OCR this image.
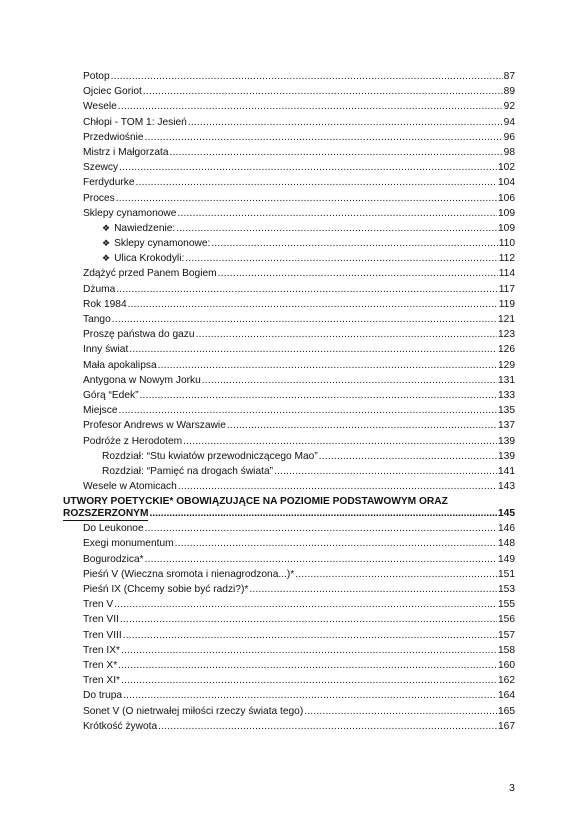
Potop .....	87
Ojciec Goriot .....	89
Wesele .....	92
Chłopi - TOM 1: Jesień .....	94
Przedwiośnie .....	96
Mistrz i Małgorzata .....	98
Szewcy .....	102
Ferdydurke .....	104
Proces .....	106
Sklepy cynamonowe .....	109
❖ Nawiedzenie: .....	109
❖ Sklepy cynamonowe: .....	110
❖ Ulica Krokodyli: .....	112
Zdążyć przed Panem Bogiem .....	114
Dżuma .....	117
Rok 1984 .....	119
Tango .....	121
Proszę państwa do gazu .....	123
Inny świat .....	126
Mała apokalipsa .....	129
Antygona w Nowym Jorku .....	131
Górą “Edek” .....	133
Miejsce .....	135
Profesor Andrews w Warszawie .....	137
Podróże z Herodotem .....	139
Rozdział: “Stu kwiatów przewodniczącego Mao” .....	139
Rozdział: “Pamięć na drogach świata” .....	141
Wesele w Atomicach .....	143
UTWORY POETYCKIE* OBOWIĄZUJĄCE NA POZIOMIE PODSTAWOWYM ORAZ
ROZSZERZONYM .....	145
Do Leukonoe .....	146
Exegi monumentum .....	148
Bogurodzica* .....	149
Pieśń V (Wieczna sromota i nienagrodzona...)* .....	151
Pieśń IX (Chcemy sobie być radzi?)* .....	153
Tren V .....	155
Tren VII .....	156
Tren VIII .....	157
Tren IX* .....	158
Tren X* .....	160
Tren XI* .....	162
Do trupa .....	164
Sonet V (O nietrwałej miłości rzeczy świata tego) .....	165
Krótkość żywota .....	167
3
